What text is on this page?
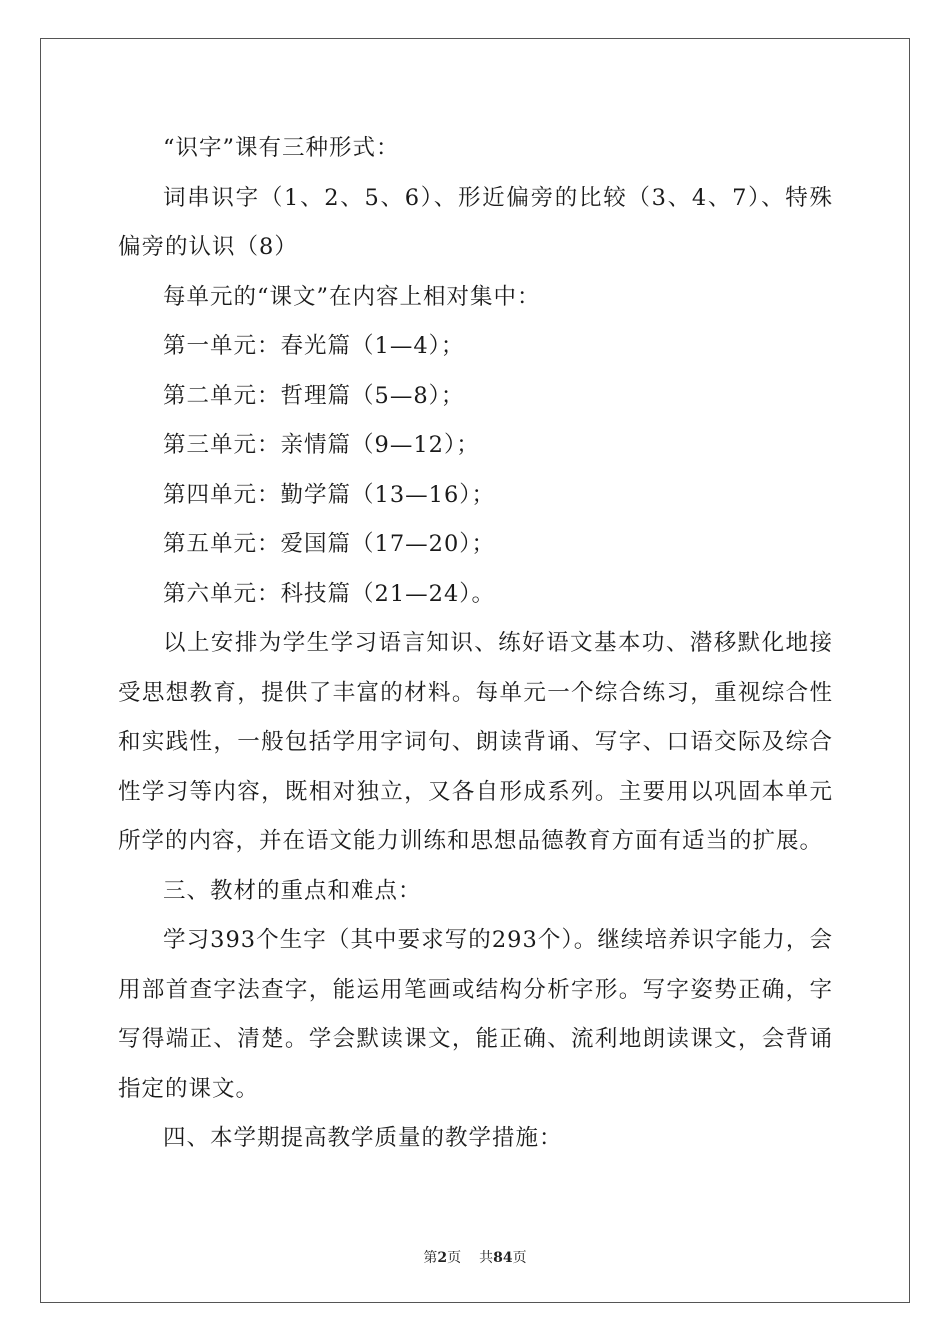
“识字”课有三种形式：

词串识字（1、2、5、6）、形近偏旁的比较（3、4、7）、特殊偏旁的认识（8）

每单元的“课文”在内容上相对集中：

第一单元：春光篇（1—4）；

第二单元：哲理篇（5—8）；

第三单元：亲情篇（9—12）；

第四单元：勤学篇（13—16）；

第五单元：爱国篇（17—20）；

第六单元：科技篇（21—24）。

以上安排为学生学习语言知识、练好语文基本功、潜移默化地接受思想教育，提供了丰富的材料。每单元一个综合练习，重视综合性和实践性，一般包括学用字词句、朗读背诵、写字、口语交际及综合性学习等内容，既相对独立，又各自形成系列。主要用以巩固本单元所学的内容，并在语文能力训练和思想品德教育方面有适当的扩展。

三、教材的重点和难点：

学习393个生字（其中要求写的293个）。继续培养识字能力，会用部首查字法查字，能运用笔画或结构分析字形。写字姿势正确，字写得端正、清楚。学会默读课文，能正确、流利地朗读课文，会背诵指定的课文。

四、本学期提高教学质量的教学措施：

第2页 共84页
